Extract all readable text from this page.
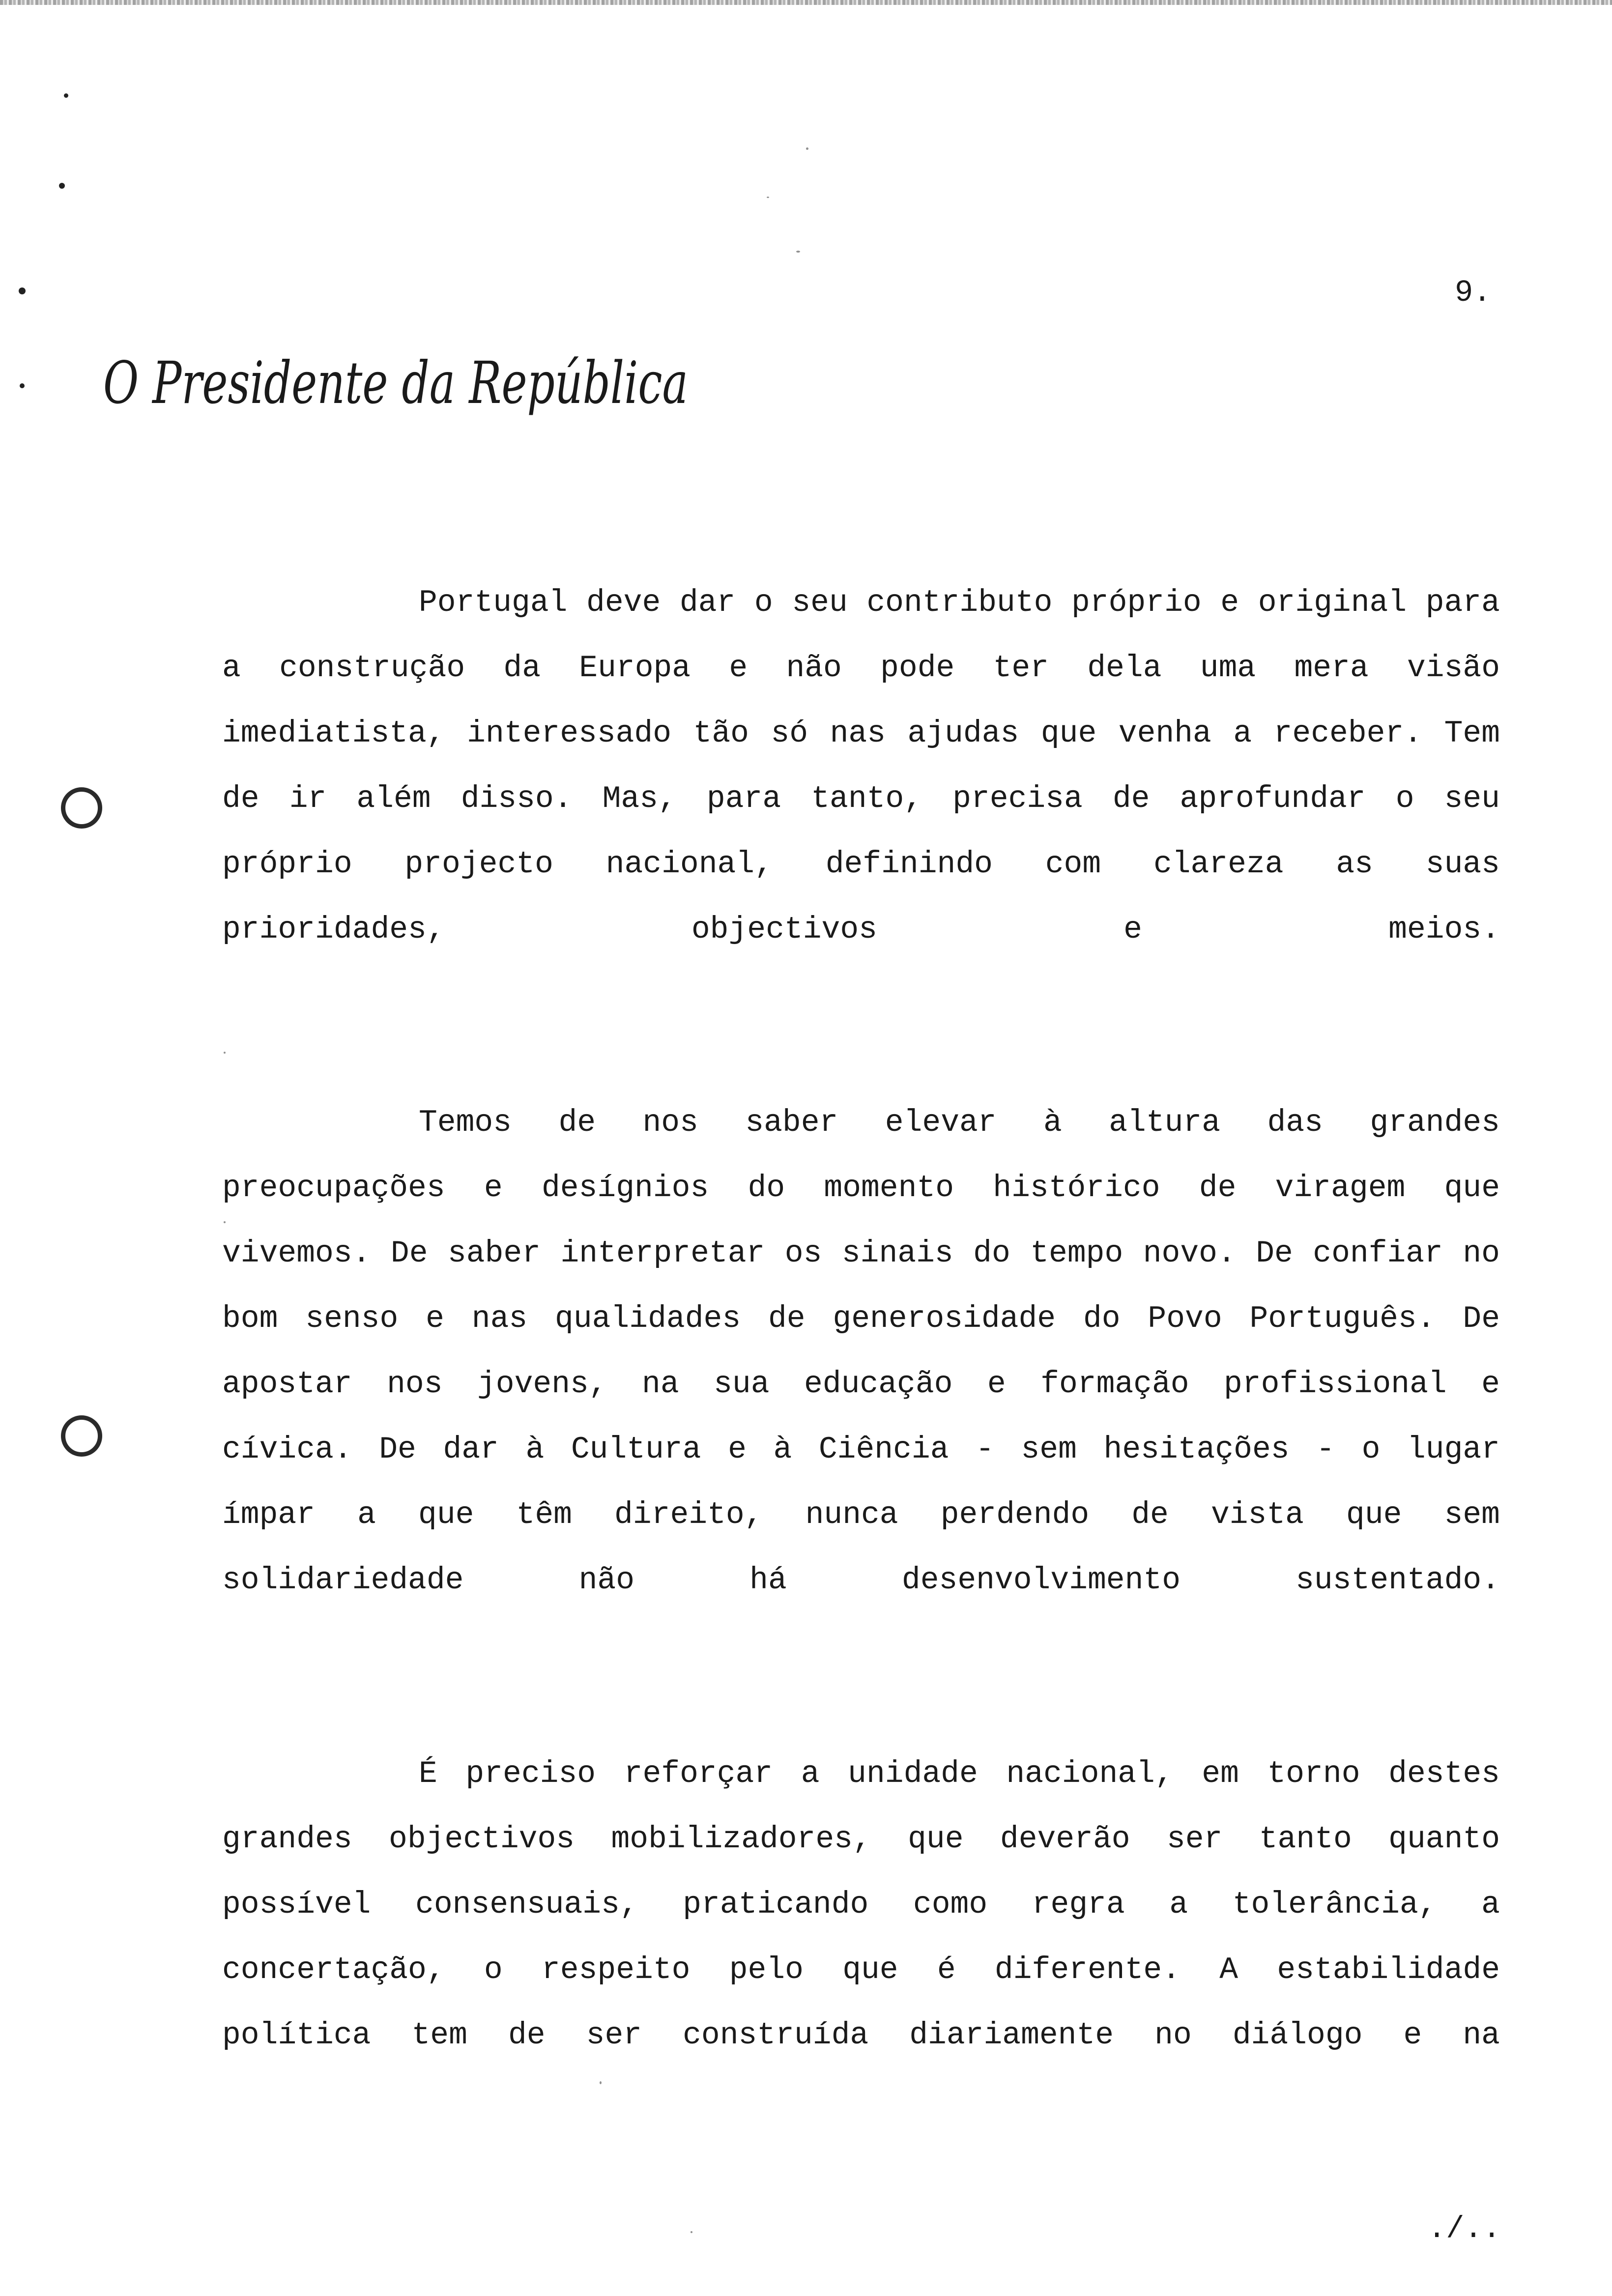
9.
O Presidente da República

Portugal deve dar o seu contributo próprio e original para a construção da Europa e não pode ter dela uma mera visão imediatista, interessado tão só nas ajudas que venha a receber. Tem de ir além disso. Mas, para tanto, precisa de aprofundar o seu próprio projecto nacional, definindo com clareza as suas prioridades, objectivos e meios.

Temos de nos saber elevar à altura das grandes preocupações e desígnios do momento histórico de viragem que vivemos. De saber interpretar os sinais do tempo novo. De confiar no bom senso e nas qualidades de generosidade do Povo Português. De apostar nos jovens, na sua educação e formação profissional e cívica. De dar à Cultura e à Ciência - sem hesitações - o lugar ímpar a que têm direito, nunca perdendo de vista que sem solidariedade não há desenvolvimento sustentado.

É preciso reforçar a unidade nacional, em torno destes grandes objectivos mobilizadores, que deverão ser tanto quanto possível consensuais, praticando como regra a tolerância, a concertação, o respeito pelo que é diferente. A estabilidade política tem de ser construída diariamente no diálogo e na

./..
